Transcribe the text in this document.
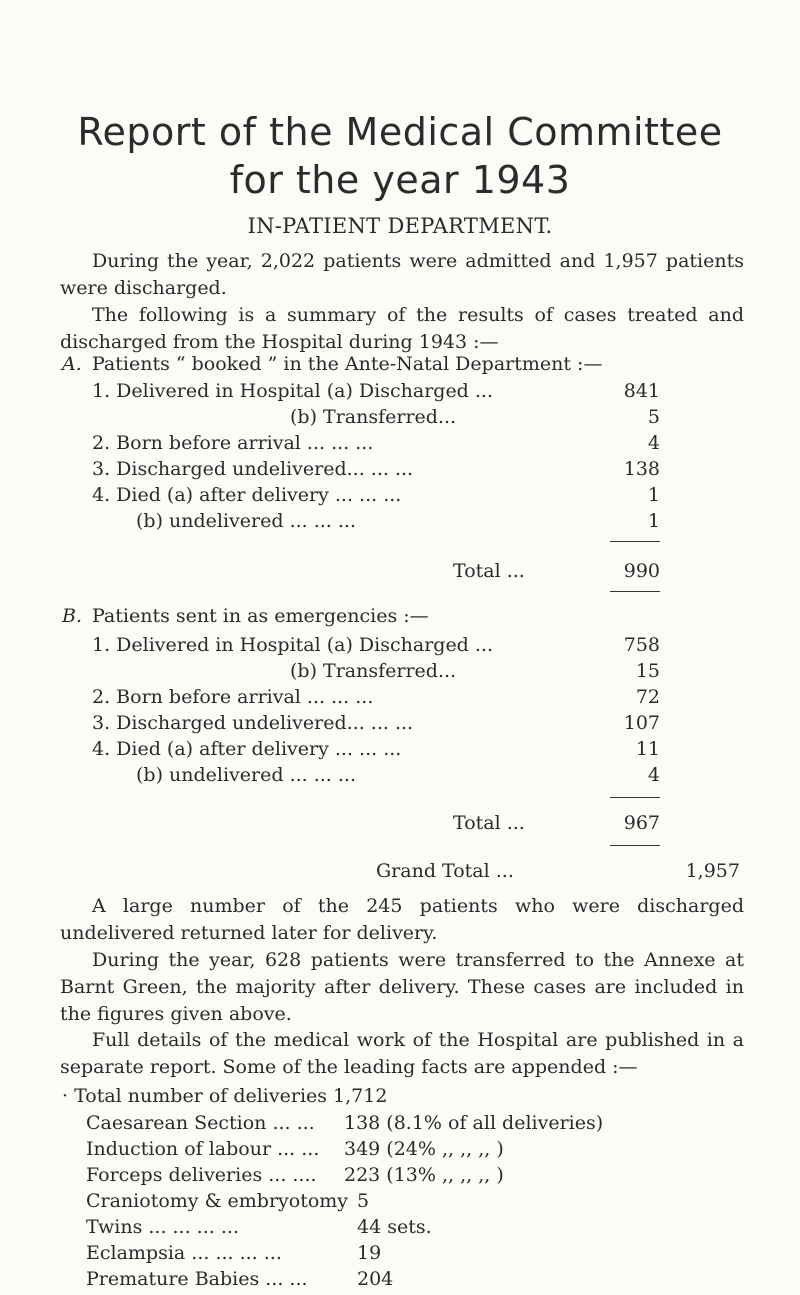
Report of the Medical Committee
for the year 1943
IN-PATIENT DEPARTMENT.
During the year, 2,022 patients were admitted and 1,957 patients were discharged.
The following is a summary of the results of cases treated and discharged from the Hospital during 1943 :—
A. Patients “ booked ” in the Ante-Natal Department :—
1. Delivered in Hospital (a) Discharged ...	841
(b) Transferred...	5
2. Born before arrival ... ... ...	4
3. Discharged undelivered... ... ...	138
4. Died (a) after delivery ... ... ...	1
(b) undelivered ... ... ...	1
Total ...	990
B. Patients sent in as emergencies :—
1. Delivered in Hospital (a) Discharged ...	758
(b) Transferred...	15
2. Born before arrival ... ... ...	72
3. Discharged undelivered... ... ...	107
4. Died (a) after delivery ... ... ...	11
(b) undelivered ... ... ...	4
Total ...	967
Grand Total ...	1,957
A large number of the 245 patients who were discharged undelivered returned later for delivery.
During the year, 628 patients were transferred to the Annexe at Barnt Green, the majority after delivery. These cases are included in the figures given above.
Full details of the medical work of the Hospital are published in a separate report. Some of the leading facts are appended :—
· Total number of deliveries 1,712
Caesarean Section ... ... 138 (8.1% of all deliveries)
Induction of labour ... ... 349 (24% ,, ,, ,, )
Forceps deliveries ... .... 223 (13% ,, ,, ,, )
Craniotomy & embryotomy 5
Twins ... ... ... ...	44 sets.
Eclampsia ... ... ... ...	19
Premature Babies ... ...	204
